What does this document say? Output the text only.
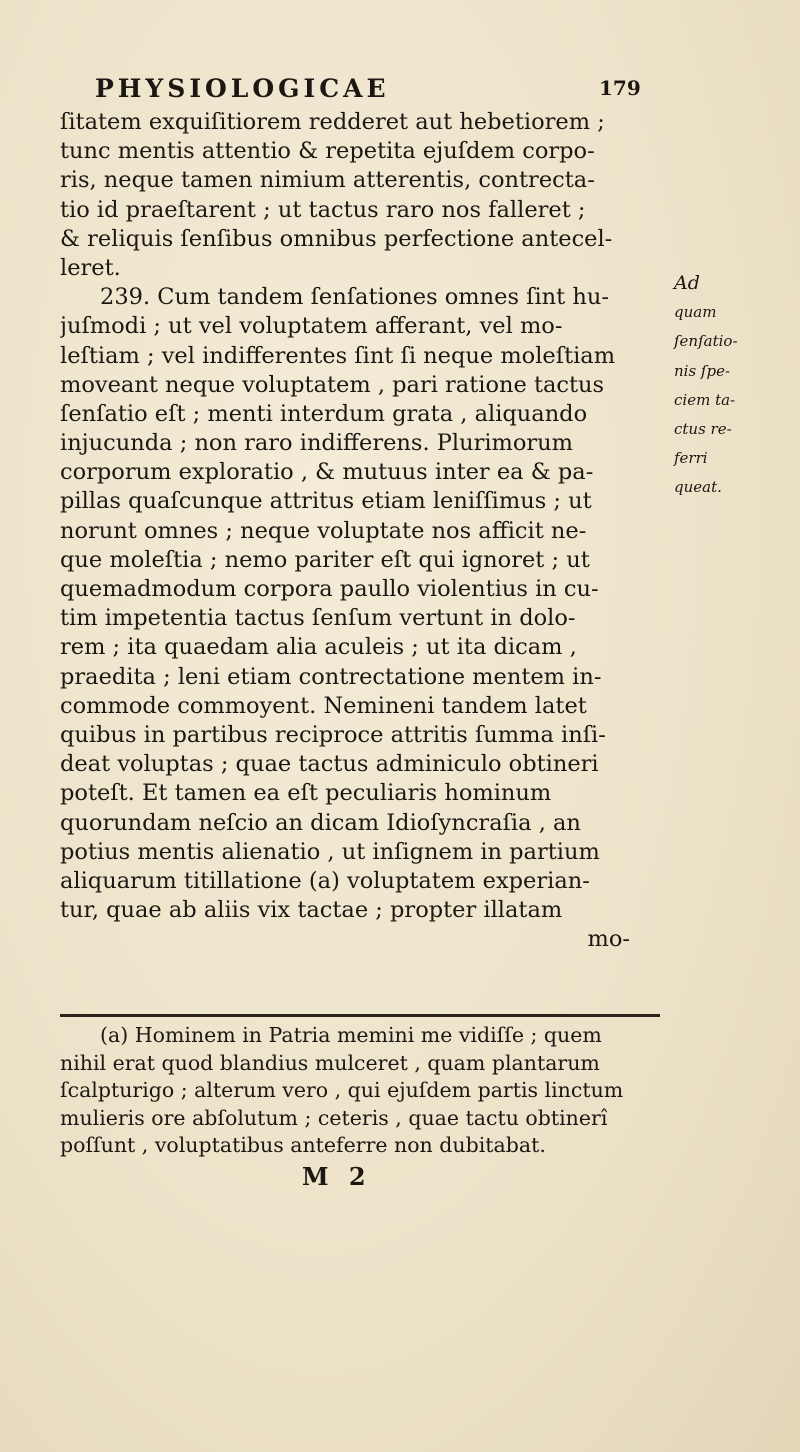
PHYSIOLOGICAE	179
ſitatem exquiſitiorem redderet aut hebetiorem ;
tunc mentis attentio & repetita ejuſdem corpo-
ris, neque tamen nimium atterentis, contrecta-
tio id praeſtarent ; ut tactus raro nos falleret ;
& reliquis ſenſibus omnibus perfectione antecel-
leret.
239. Cum tandem ſenſationes omnes ſint hu-
juſmodi ; ut vel voluptatem afferant, vel mo-
leſtiam ; vel indifferentes ſint ſi neque moleſtiam
moveant neque voluptatem , pari ratione tactus
ſenſatio eſt ; menti interdum grata , aliquando
injucunda ; non raro indifferens. Plurimorum
corporum exploratio , & mutuus inter ea & pa-
pillas quaſcunque attritus etiam leniſſimus ; ut
norunt omnes ; neque voluptate nos afficit ne-
que moleſtia ; nemo pariter eſt qui ignoret ; ut
quemadmodum corpora paullo violentius in cu-
tim impetentia tactus ſenſum vertunt in dolo-
rem ; ita quaedam alia aculeis ; ut ita dicam ,
praedita ; leni etiam contrectatione mentem in-
commode commoyent. Nemineni tandem latet
quibus in partibus reciproce attritis ſumma inſi-
deat voluptas ; quae tactus adminiculo obtineri
poteſt. Et tamen ea eſt peculiaris hominum
quorundam neſcio an dicam Idioſyncraſia , an
potius mentis alienatio , ut inſignem in partium
aliquarum titillatione (a) voluptatem experian-
tur, quae ab aliis vix tactae ; propter illatam
mo-
Ad
quam
ſenſatio-
nis ſpe-
ciem ta-
ctus re-
ferri
queat.
(a) Hominem in Patria memini me vidiſſe ; quem
nihil erat quod blandius mulceret , quam plantarum
ſcalpturigo ; alterum vero , qui ejuſdem partis linctum
mulieris ore abſolutum ; ceteris , quae tactu obtinerî
poſſunt , voluptatibus anteferre non dubitabat.
M 2
